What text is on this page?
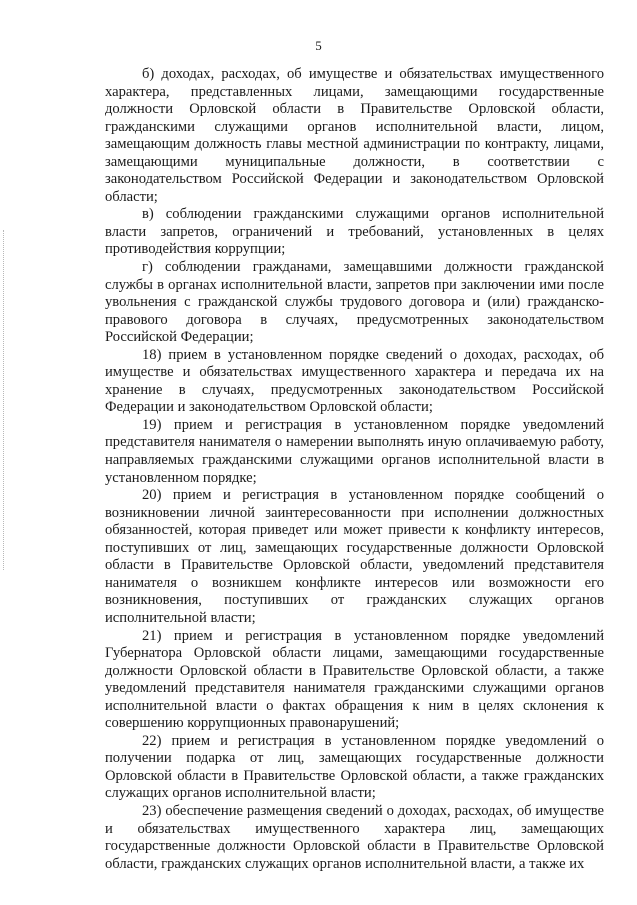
5

б) доходах, расходах, об имуществе и обязательствах имущественного характера, представленных лицами, замещающими государственные должности Орловской области в Правительстве Орловской области, гражданскими служащими органов исполнительной власти, лицом, замещающим должность главы местной администрации по контракту, лицами, замещающими муниципальные должности, в соответствии с законодательством Российской Федерации и законодательством Орловской области;

в) соблюдении гражданскими служащими органов исполнительной власти запретов, ограничений и требований, установленных в целях противодействия коррупции;

г) соблюдении гражданами, замещавшими должности гражданской службы в органах исполнительной власти, запретов при заключении ими после увольнения с гражданской службы трудового договора и (или) гражданско-правового договора в случаях, предусмотренных законодательством Российской Федерации;

18) прием в установленном порядке сведений о доходах, расходах, об имуществе и обязательствах имущественного характера и передача их на хранение в случаях, предусмотренных законодательством Российской Федерации и законодательством Орловской области;

19) прием и регистрация в установленном порядке уведомлений представителя нанимателя о намерении выполнять иную оплачиваемую работу, направляемых гражданскими служащими органов исполнительной власти в установленном порядке;

20) прием и регистрация в установленном порядке сообщений о возникновении личной заинтересованности при исполнении должностных обязанностей, которая приведет или может привести к конфликту интересов, поступивших от лиц, замещающих государственные должности Орловской области в Правительстве Орловской области, уведомлений представителя нанимателя о возникшем конфликте интересов или возможности его возникновения, поступивших от гражданских служащих органов исполнительной власти;

21) прием и регистрация в установленном порядке уведомлений Губернатора Орловской области лицами, замещающими государственные должности Орловской области в Правительстве Орловской области, а также уведомлений представителя нанимателя гражданскими служащими органов исполнительной власти о фактах обращения к ним в целях склонения к совершению коррупционных правонарушений;

22) прием и регистрация в установленном порядке уведомлений о получении подарка от лиц, замещающих государственные должности Орловской области в Правительстве Орловской области, а также гражданских служащих органов исполнительной власти;

23) обеспечение размещения сведений о доходах, расходах, об имуществе и обязательствах имущественного характера лиц, замещающих государственные должности Орловской области в Правительстве Орловской области, гражданских служащих органов исполнительной власти, а также их
